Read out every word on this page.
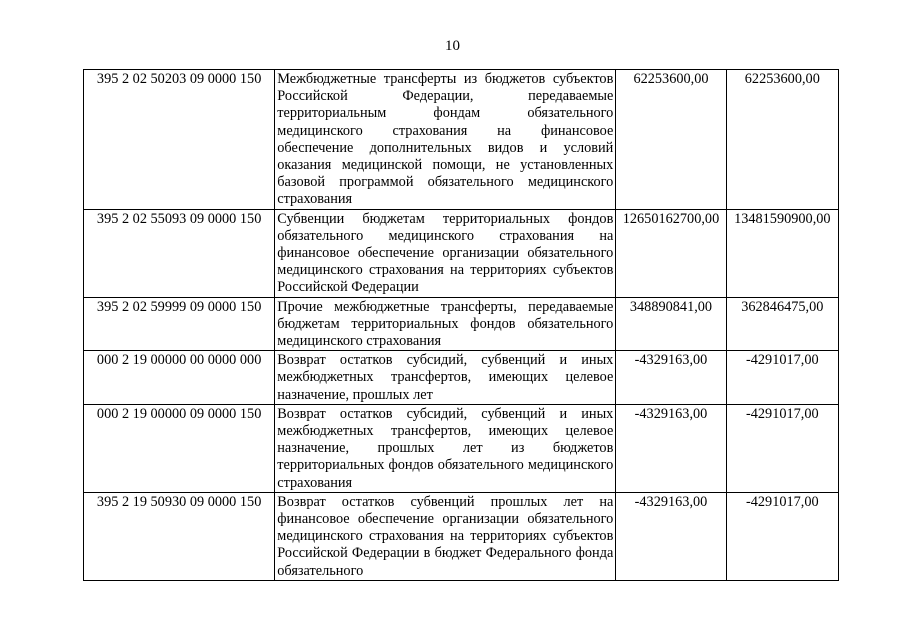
10
395 2 02 50203 09 0000 150	Межбюджетные трансферты из бюджетов субъектов Российской Федерации, передаваемые территориальным фондам обязательного медицинского страхования на финансовое обеспечение дополнительных видов и условий оказания медицинской помощи, не установленных базовой программой обязательного медицинского страхования	62253600,00	62253600,00
395 2 02 55093 09 0000 150	Субвенции бюджетам территориальных фондов обязательного медицинского страхования на финансовое обеспечение организации обязательного медицинского страхования на территориях субъектов Российской Федерации	12650162700,00	13481590900,00
395 2 02 59999 09 0000 150	Прочие межбюджетные трансферты, передаваемые бюджетам территориальных фондов обязательного медицинского страхования	348890841,00	362846475,00
000 2 19 00000 00 0000 000	Возврат остатков субсидий, субвенций и иных межбюджетных трансфертов, имеющих целевое назначение, прошлых лет	-4329163,00	-4291017,00
000 2 19 00000 09 0000 150	Возврат остатков субсидий, субвенций и иных межбюджетных трансфертов, имеющих целевое назначение, прошлых лет из бюджетов территориальных фондов обязательного медицинского страхования	-4329163,00	-4291017,00
395 2 19 50930 09 0000 150	Возврат остатков субвенций прошлых лет на финансовое обеспечение организации обязательного медицинского страхования на территориях субъектов Российской Федерации в бюджет Федерального фонда обязательного	-4329163,00	-4291017,00
